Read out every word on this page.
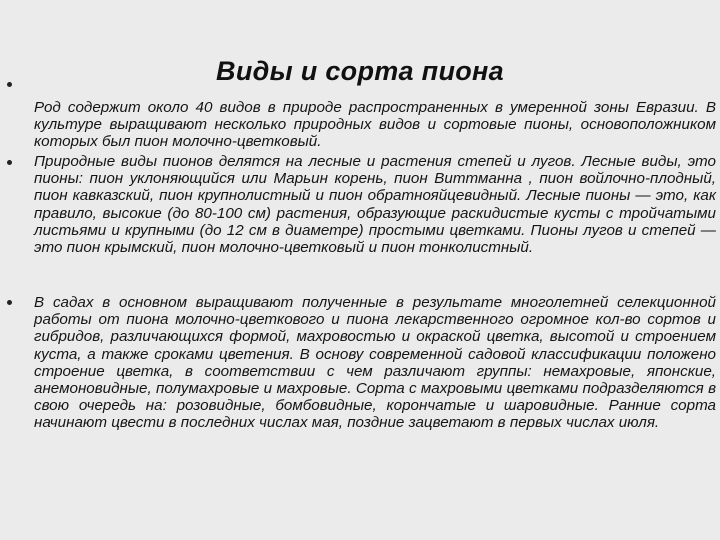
Виды и сорта пиона
Род содержит около 40 видов в природе распространенных в умеренной зоны Евразии. В культуре выращивают несколько природных видов и сортовые пионы, основоположником которых был пион молочно-цветковый.
Природные виды пионов делятся на лесные и растения степей и лугов. Лесные виды, это пионы: пион уклоняющийся или Марьин корень, пион Виттманна , пион войлочно-плодный, пион кавказский, пион крупнолистный и пион обратнояйцевидный. Лесные пионы — это, как правило, высокие (до 80-100 см) растения, образующие раскидистые кусты с тройчатыми листьями и крупными (до 12 см в диаметре) простыми цветками. Пионы лугов и степей — это пион крымский, пион молочно-цветковый и пион тонколистный.
В садах в основном выращивают полученные в результате многолетней селекционной работы от пиона молочно-цветкового и пиона лекарственного огромное кол-во сортов и гибридов, различающихся формой, махровостью и окраской цветка, высотой и строением куста, а также сроками цветения. В основу современной садовой классификации положено строение цветка, в соответствии с чем различают группы: немахровые, японские, анемоновидные, полумахровые и махровые. Сорта с махровыми цветками подразделяются в свою очередь на: розовидные, бомбовидные, корончатые и шаровидные. Ранние сорта начинают цвести в последних числах мая, поздние зацветают в первых числах июля.
